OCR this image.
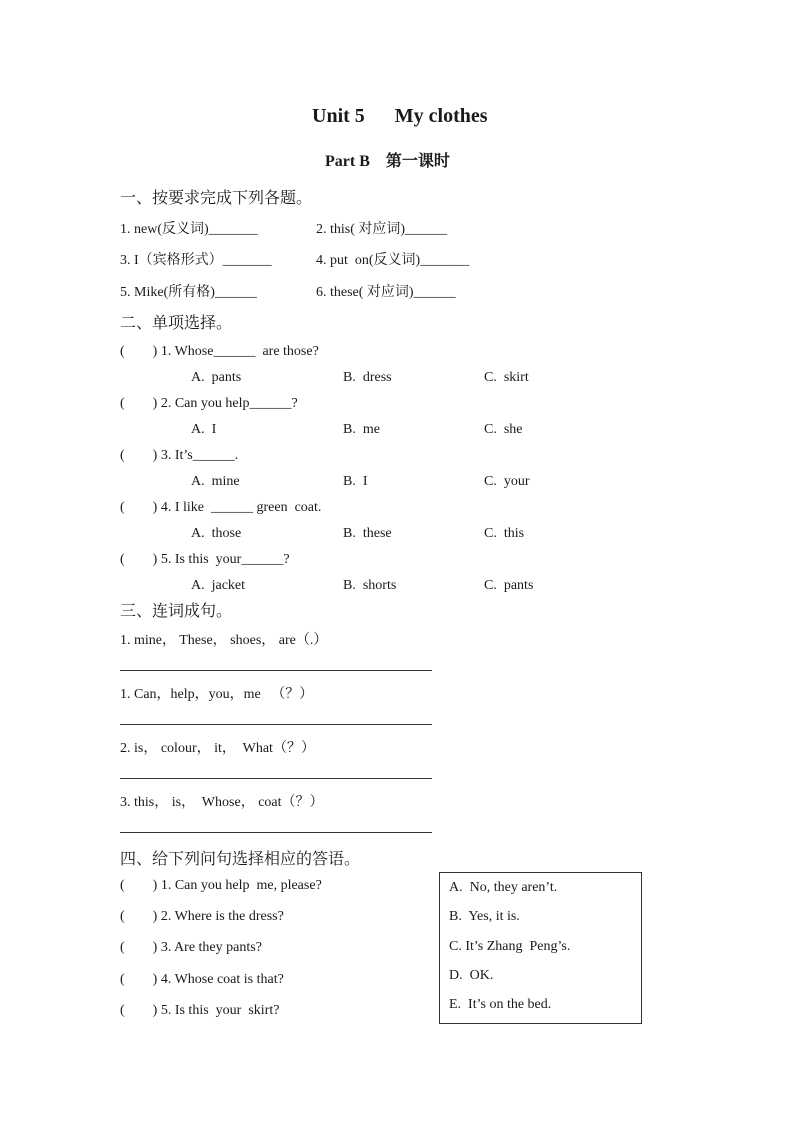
Unit 5      My clothes
Part B    第一课时
一、按要求完成下列各题。
1. new(反义词)_______	2. this( 对应词)______
3. I（宾格形式）_______	4. put  on(反义词)_______
5. Mike(所有格)______	6. these( 对应词)______
二、单项选择。
(        ) 1. Whose______  are those?
A.  pants	B.  dress	C.  skirt
(        ) 2. Can you help______?
A.  I	B.  me	C.  she
(        ) 3. It’s______.
A.  mine	B.  I	C.  your
(        ) 4. I like  ______ green  coat.
A.  those	B.  these	C.  this
(        ) 5. Is this  your______?
A.  jacket	B.  shorts	C.  pants
三、连词成句。
1. mine， These， shoes， are（.）
1. Can，help，you，me   （？）
2. is， colour， it，  What（？）
3. this， is，  Whose， coat（？）
四、给下列问句选择相应的答语。
(        ) 1. Can you help  me, please?
(        ) 2. Where is the dress?
(        ) 3. Are they pants?
(        ) 4. Whose coat is that?
(        ) 5. Is this  your  skirt?
A.  No, they aren’t.
B.  Yes, it is.
C. It’s Zhang  Peng’s.
D.  OK.
E.  It’s on the bed.
